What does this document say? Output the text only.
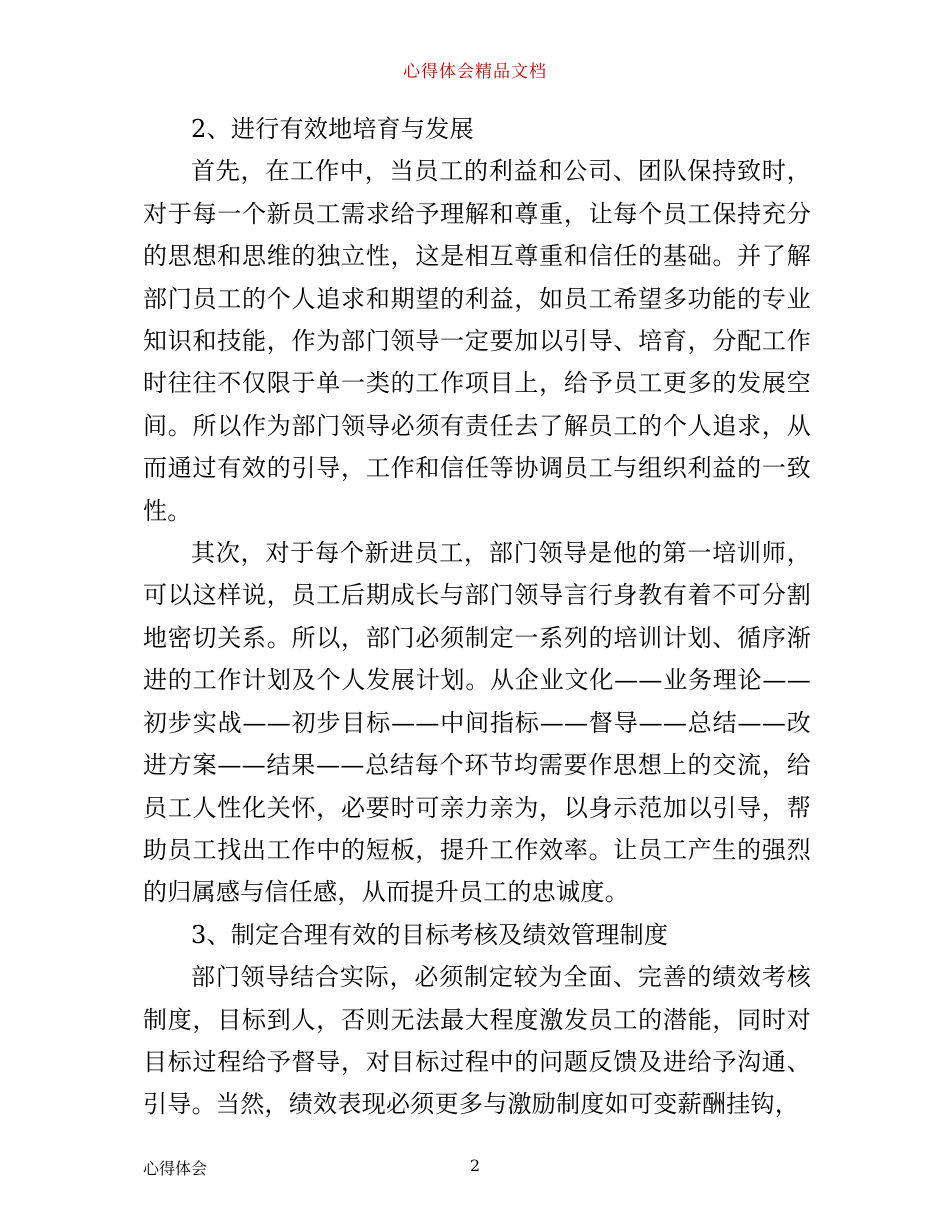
心得体会精品文档

2、进行有效地培育与发展

首先，在工作中，当员工的利益和公司、团队保持致时，对于每一个新员工需求给予理解和尊重，让每个员工保持充分的思想和思维的独立性，这是相互尊重和信任的基础。并了解部门员工的个人追求和期望的利益，如员工希望多功能的专业知识和技能，作为部门领导一定要加以引导、培育，分配工作时往往不仅限于单一类的工作项目上，给予员工更多的发展空间。所以作为部门领导必须有责任去了解员工的个人追求，从而通过有效的引导，工作和信任等协调员工与组织利益的一致性。

其次，对于每个新进员工，部门领导是他的第一培训师，可以这样说，员工后期成长与部门领导言行身教有着不可分割地密切关系。所以，部门必须制定一系列的培训计划、循序渐进的工作计划及个人发展计划。从企业文化——业务理论——初步实战——初步目标——中间指标——督导——总结——改进方案——结果——总结每个环节均需要作思想上的交流，给员工人性化关怀，必要时可亲力亲为，以身示范加以引导，帮助员工找出工作中的短板，提升工作效率。让员工产生的强烈的归属感与信任感，从而提升员工的忠诚度。

3、制定合理有效的目标考核及绩效管理制度

部门领导结合实际，必须制定较为全面、完善的绩效考核制度，目标到人，否则无法最大程度激发员工的潜能，同时对目标过程给予督导，对目标过程中的问题反馈及进给予沟通、引导。当然，绩效表现必须更多与激励制度如可变薪酬挂钩，

心得体会	2
